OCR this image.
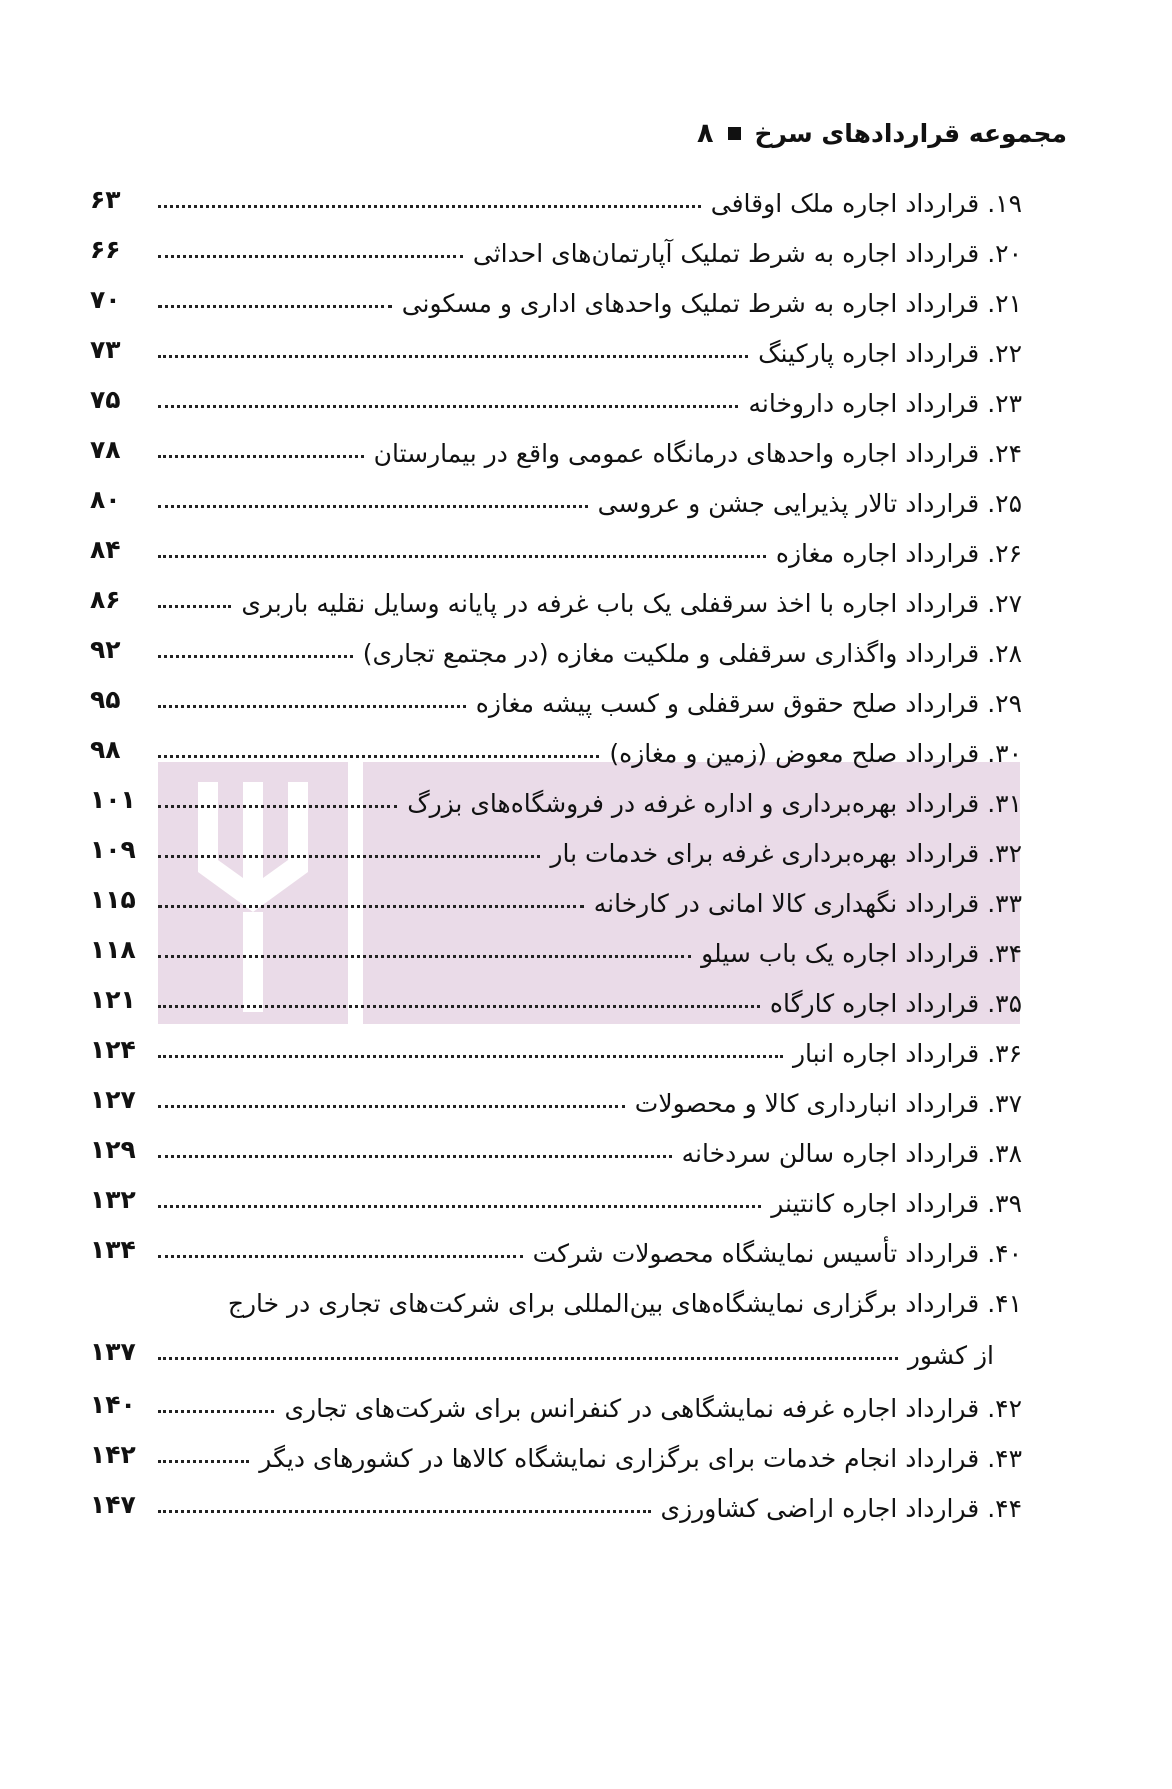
۸ مجموعه قراردادهای سرخ
۶۳	۱۹.قرارداد اجاره ملک اوقافی
۶۶	۲۰.قرارداد اجاره به شرط تملیک آپارتمان‌های احداثی
۷۰	۲۱.قرارداد اجاره به شرط تملیک واحدهای اداری و مسکونی
۷۳	۲۲.قرارداد اجاره پارکینگ
۷۵	۲۳.قرارداد اجاره داروخانه
۷۸	۲۴.قرارداد اجاره واحدهای درمانگاه عمومی واقع در بیمارستان
۸۰	۲۵.قرارداد تالار پذیرایی جشن و عروسی
۸۴	۲۶.قرارداد اجاره مغازه
۸۶	۲۷.قرارداد اجاره با اخذ سرقفلی یک باب غرفه در پایانه وسایل نقلیه باربری
۹۲	۲۸.قرارداد واگذاری سرقفلی و ملکیت مغازه (در مجتمع تجاری)
۹۵	۲۹.قرارداد صلح حقوق سرقفلی و کسب پیشه مغازه
۹۸	۳۰.قرارداد صلح معوض (زمین و مغازه)
۱۰۱	۳۱.قرارداد بهره‌برداری و اداره غرفه در فروشگاه‌های بزرگ
۱۰۹	۳۲.قرارداد بهره‌برداری غرفه برای خدمات بار
۱۱۵	۳۳.قرارداد نگهداری کالا امانی در کارخانه
۱۱۸	۳۴.قرارداد اجاره یک باب سیلو
۱۲۱	۳۵.قرارداد اجاره کارگاه
۱۲۴	۳۶.قرارداد اجاره انبار
۱۲۷	۳۷.قرارداد انبارداری کالا و محصولات
۱۲۹	۳۸.قرارداد اجاره سالن سردخانه
۱۳۲	۳۹.قرارداد اجاره کانتینر
۱۳۴	۴۰.قرارداد تأسیس نمایشگاه محصولات شرکت
۴۱.قرارداد برگزاری نمایشگاه‌های بین‌المللی برای شرکت‌های تجاری در خارج
۱۳۷	از کشور
۱۴۰	۴۲.قرارداد اجاره غرفه نمایشگاهی در کنفرانس برای شرکت‌های تجاری
۱۴۲	۴۳.قرارداد انجام خدمات برای برگزاری نمایشگاه کالاها در کشورهای دیگر
۱۴۷	۴۴.قرارداد اجاره اراضی کشاورزی
